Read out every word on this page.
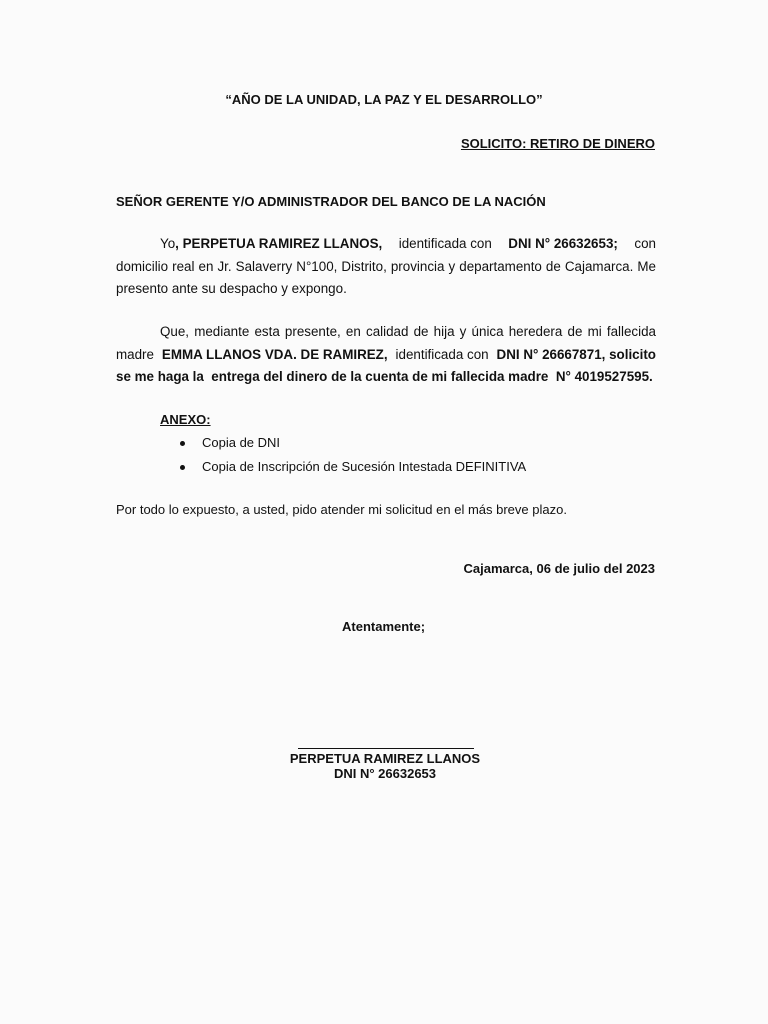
“AÑO DE LA UNIDAD, LA PAZ Y EL DESARROLLO”
SOLICITO: RETIRO DE DINERO
SEÑOR GERENTE Y/O ADMINISTRADOR DEL BANCO DE LA NACIÓN
Yo, PERPETUA RAMIREZ LLANOS, identificada con DNI N° 26632653; con
domicilio real en Jr. Salaverry N°100, Distrito, provincia y departamento de Cajamarca. Me
presento ante su despacho y expongo.
Que, mediante esta presente, en calidad de hija y única heredera de mi fallecida
madre EMMA LLANOS VDA. DE RAMIREZ, identificada con DNI N° 26667871, solicito
se me haga la  entrega del dinero de la cuenta de mi fallecida madre  N° 4019527595.
ANEXO:
Copia de DNI
Copia de Inscripción de Sucesión Intestada DEFINITIVA
Por todo lo expuesto, a usted, pido atender mi solicitud en el más breve plazo.
Cajamarca, 06 de julio del 2023
Atentamente;
PERPETUA RAMIREZ LLANOS
DNI N° 26632653
